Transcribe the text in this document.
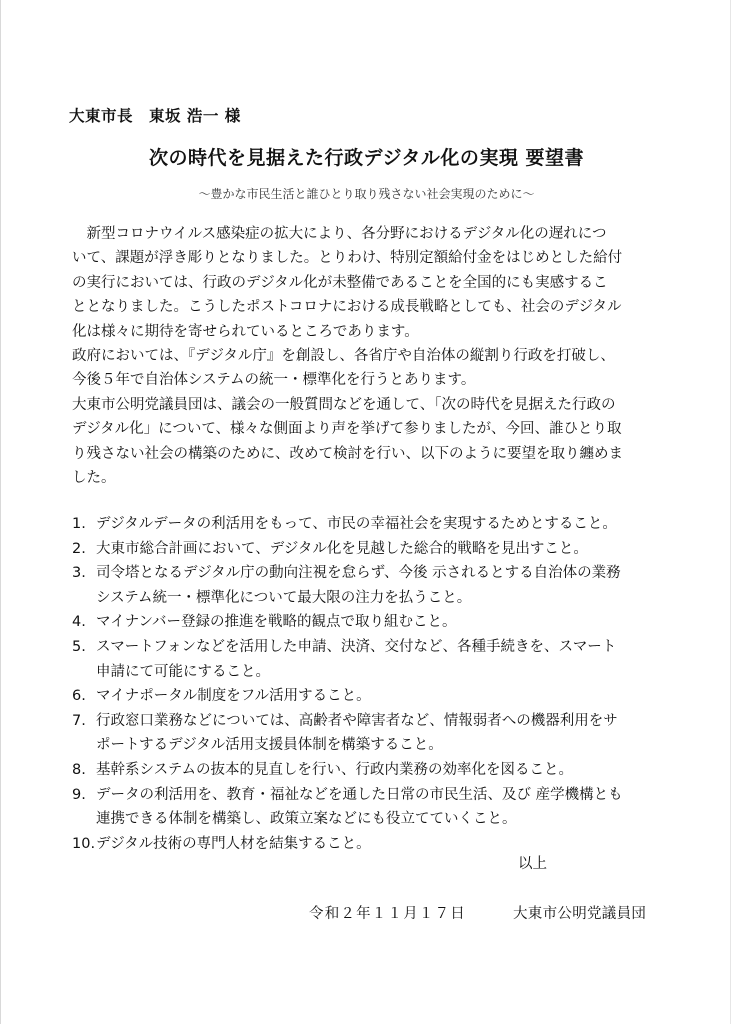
大東市長　東坂 浩一 様
次の時代を見据えた行政デジタル化の実現 要望書
～豊かな市民生活と誰ひとり取り残さない社会実現のために～

　新型コロナウイルス感染症の拡大により、各分野におけるデジタル化の遅れにつ

いて、課題が浮き彫りとなりました。とりわけ、特別定額給付金をはじめとした給付

の実行においては、行政のデジタル化が未整備であることを全国的にも実感するこ

ととなりました。こうしたポストコロナにおける成長戦略としても、社会のデジタル

化は様々に期待を寄せられているところであります。

政府においては、『デジタル庁』を創設し、各省庁や自治体の縦割り行政を打破し、

今後５年で自治体システムの統一・標準化を行うとあります。

大東市公明党議員団は、議会の一般質問などを通して、「次の時代を見据えた行政の

デジタル化」について、様々な側面より声を挙げて参りましたが、今回、誰ひとり取

り残さない社会の構築のために、改めて検討を行い、以下のように要望を取り纏めま

した。

1. デジタルデータの利活用をもって、市民の幸福社会を実現するためとすること。
2. 大東市総合計画において、デジタル化を見越した総合的戦略を見出すこと。
3. 司令塔となるデジタル庁の動向注視を怠らず、今後 示されるとする自治体の業務
システム統一・標準化について最大限の注力を払うこと。
4. マイナンバー登録の推進を戦略的観点で取り組むこと。
5. スマートフォンなどを活用した申請、決済、交付など、各種手続きを、スマート
申請にて可能にすること。
6. マイナポータル制度をフル活用すること。
7. 行政窓口業務などについては、高齢者や障害者など、情報弱者への機器利用をサ
ポートするデジタル活用支援員体制を構築すること。
8. 基幹系システムの抜本的見直しを行い、行政内業務の効率化を図ること。
9. データの利活用を、教育・福祉などを通した日常の市民生活、及び 産学機構とも
連携できる体制を構築し、政策立案などにも役立てていくこと。
10. デジタル技術の専門人材を結集すること。
以上
令和２年１１月１７日	大東市公明党議員団
